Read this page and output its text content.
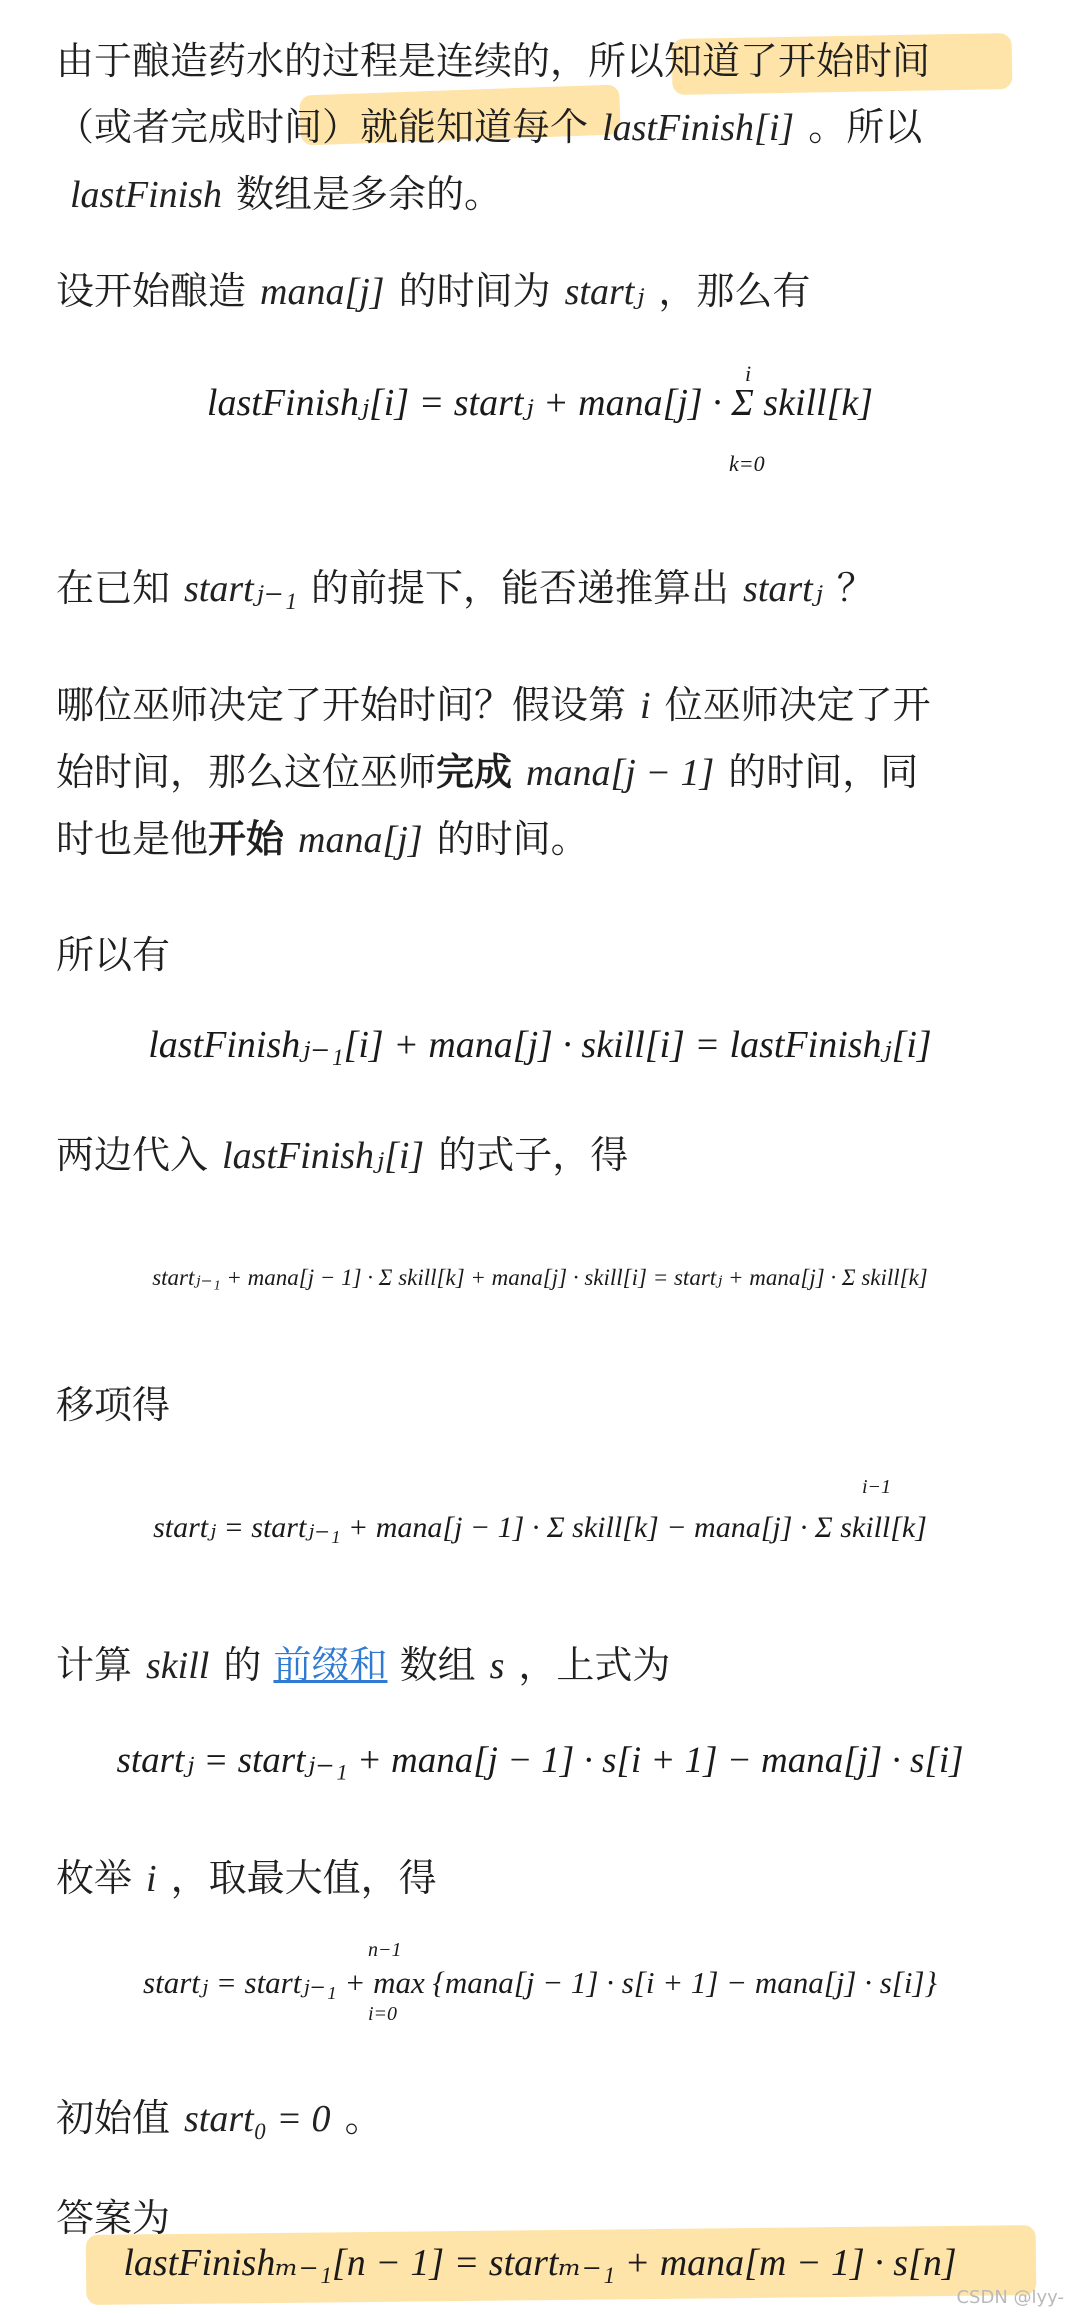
由于酿造药水的过程是连续的，所以知道了开始时间
（或者完成时间）就能知道每个 lastFinish[i] 。所以
lastFinish 数组是多余的。
设开始酿造 mana[j] 的时间为 startⱼ ，那么有
lastFinishⱼ[i] = startⱼ + mana[j] · Σ skill[k]
i
k=0
在已知 startⱼ₋₁ 的前提下，能否递推算出 startⱼ ？
哪位巫师决定了开始时间？假设第 i 位巫师决定了开
始时间，那么这位巫师完成 mana[j − 1] 的时间，同
时也是他开始 mana[j] 的时间。
所以有
lastFinishⱼ₋₁[i] + mana[j] · skill[i] = lastFinishⱼ[i]
两边代入 lastFinishⱼ[i] 的式子，得
startⱼ₋₁ + mana[j − 1] · Σ skill[k] + mana[j] · skill[i] = startⱼ + mana[j] · Σ skill[k]
移项得
startⱼ = startⱼ₋₁ + mana[j − 1] · Σ skill[k] − mana[j] · Σ skill[k]
i−1
计算 skill 的 前缀和 数组 s ，上式为
startⱼ = startⱼ₋₁ + mana[j − 1] · s[i + 1] − mana[j] · s[i]
枚举 i ，取最大值，得
startⱼ = startⱼ₋₁ + max {mana[j − 1] · s[i + 1] − mana[j] · s[i]}
n−1
i=0
初始值 start₀ = 0 。
答案为
lastFinishₘ₋₁[n − 1] = startₘ₋₁ + mana[m − 1] · s[n]
CSDN @lyy-
